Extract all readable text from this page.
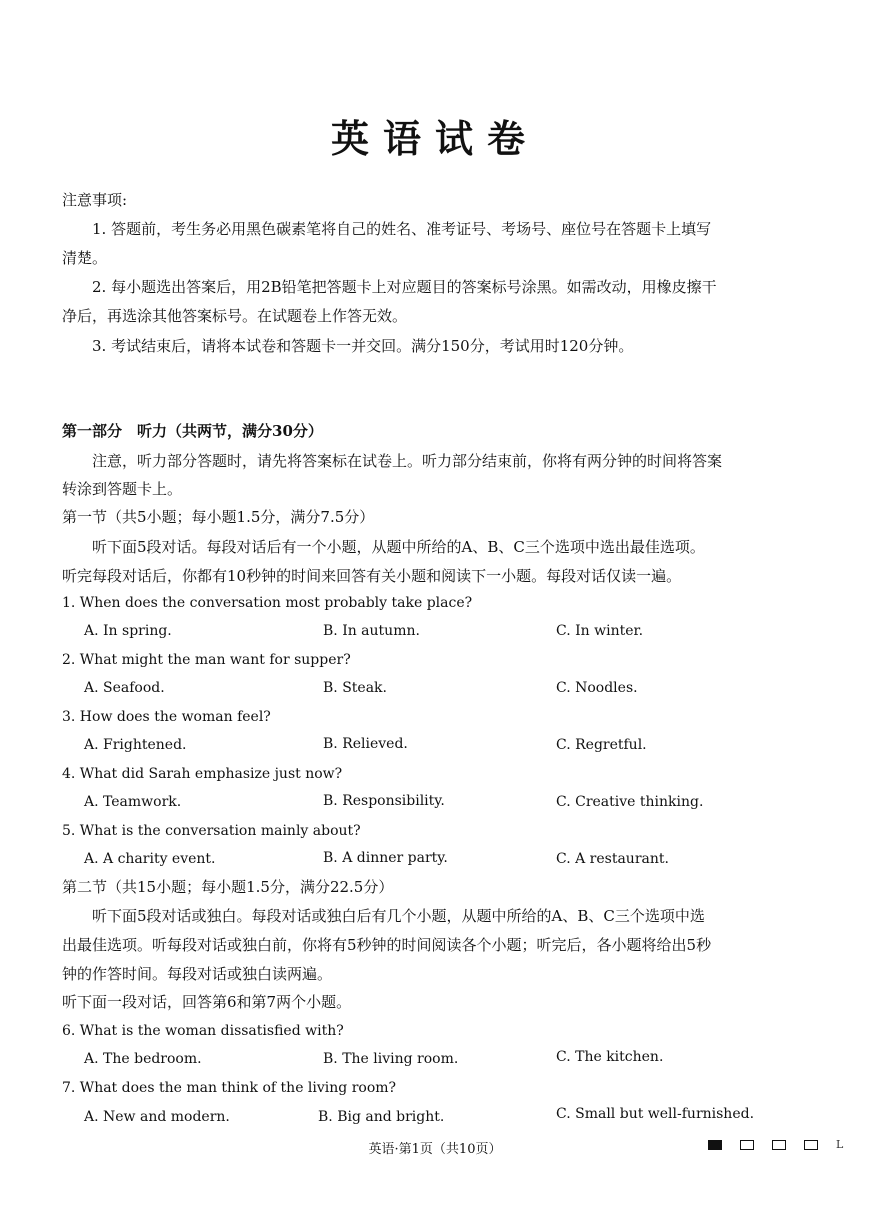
英语试卷
注意事项:
1. 答题前，考生务必用黑色碳素笔将自己的姓名、准考证号、考场号、座位号在答题卡上填写
清楚。
2. 每小题选出答案后，用2B铅笔把答题卡上对应题目的答案标号涂黑。如需改动，用橡皮擦干
净后，再选涂其他答案标号。在试题卷上作答无效。
3. 考试结束后，请将本试卷和答题卡一并交回。满分150分，考试用时120分钟。
第一部分　听力（共两节，满分30分）
注意，听力部分答题时，请先将答案标在试卷上。听力部分结束前，你将有两分钟的时间将答案
转涂到答题卡上。
第一节（共5小题；每小题1.5分，满分7.5分）
听下面5段对话。每段对话后有一个小题，从题中所给的A、B、C三个选项中选出最佳选项。
听完每段对话后，你都有10秒钟的时间来回答有关小题和阅读下一小题。每段对话仅读一遍。
1. When does the conversation most probably take place?
A. In spring.	B. In autumn.	C. In winter.
2. What might the man want for supper?
A. Seafood.	B. Steak.	C. Noodles.
3. How does the woman feel?
A. Frightened.	B. Relieved.	C. Regretful.
4. What did Sarah emphasize just now?
A. Teamwork.	B. Responsibility.	C. Creative thinking.
5. What is the conversation mainly about?
A. A charity event.	B. A dinner party.	C. A restaurant.
第二节（共15小题；每小题1.5分，满分22.5分）
听下面5段对话或独白。每段对话或独白后有几个小题，从题中所给的A、B、C三个选项中选
出最佳选项。听每段对话或独白前，你将有5秒钟的时间阅读各个小题；听完后，各小题将给出5秒
钟的作答时间。每段对话或独白读两遍。
听下面一段对话，回答第6和第7两个小题。
6. What is the woman dissatisfied with?
A. The bedroom.	B. The living room.	C. The kitchen.
7. What does the man think of the living room?
A. New and modern.	B. Big and bright.	C. Small but well-furnished.
英语·第1页（共10页）	L
